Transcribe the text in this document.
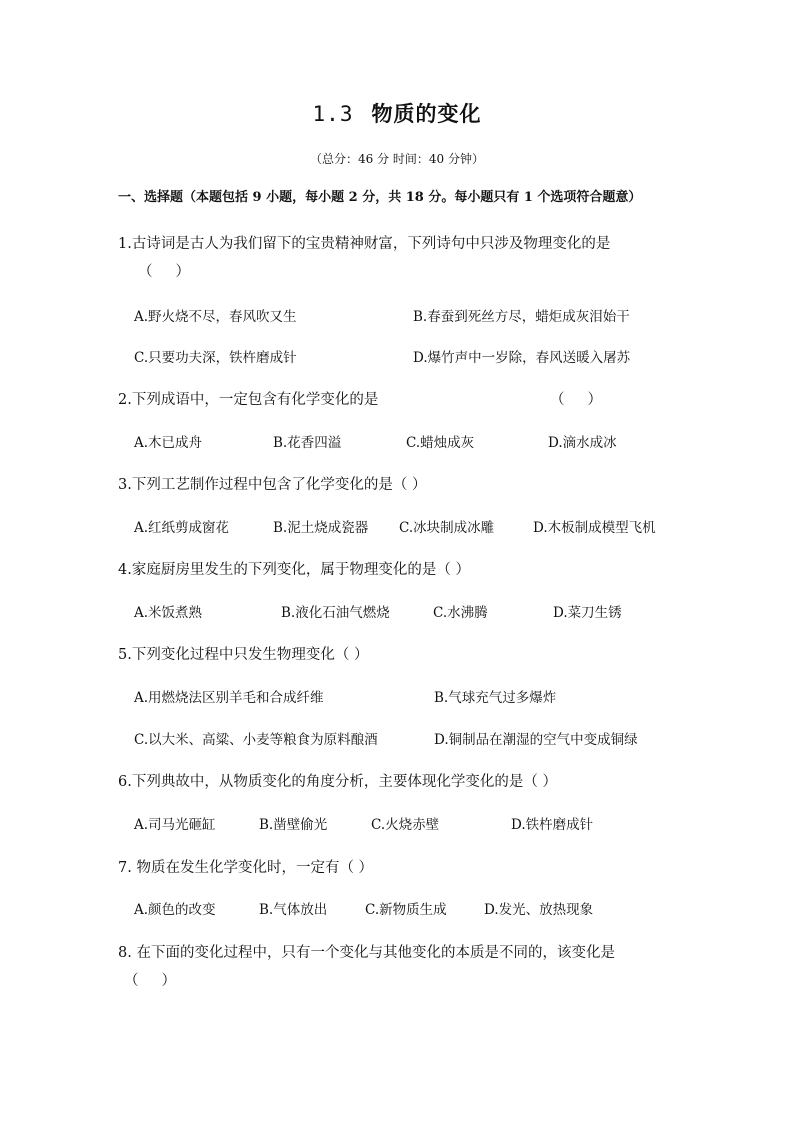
1.3 物质的变化
（总分：46 分 时间：40 分钟）
一、选择题（本题包括 9 小题，每小题 2 分，共 18 分。每小题只有 1 个选项符合题意）
1.古诗词是古人为我们留下的宝贵精神财富，下列诗句中只涉及物理变化的是
（     ）
A.野火烧不尽，春风吹又生	B.春蚕到死丝方尽，蜡炬成灰泪始干
C.只要功夫深，铁杵磨成针	D.爆竹声中一岁除，春风送暖入屠苏
2.下列成语中，一定包含有化学变化的是	（     ）
A.木已成舟	B.花香四溢	C.蜡烛成灰	D.滴水成冰
3.下列工艺制作过程中包含了化学变化的是（ ）
A.红纸剪成窗花	B.泥土烧成瓷器 C.冰块制成冰雕	D.木板制成模型飞机
4.家庭厨房里发生的下列变化，属于物理变化的是（ ）
A.米饭煮熟	B.液化石油气燃烧	C.水沸腾	D.菜刀生锈
5.下列变化过程中只发生物理变化（ ）
A.用燃烧法区别羊毛和合成纤维	B.气球充气过多爆炸
C.以大米、高粱、小麦等粮食为原料酿酒	D.铜制品在潮湿的空气中变成铜绿
6.下列典故中，从物质变化的角度分析，主要体现化学变化的是（ ）
A.司马光砸缸	B.凿壁偷光	C.火烧赤壁	D.铁杵磨成针
7. 物质在发生化学变化时，一定有（ ）
A.颜色的改变	B.气体放出	C.新物质生成	D.发光、放热现象
8. 在下面的变化过程中，只有一个变化与其他变化的本质是不同的，该变化是
（     ）
